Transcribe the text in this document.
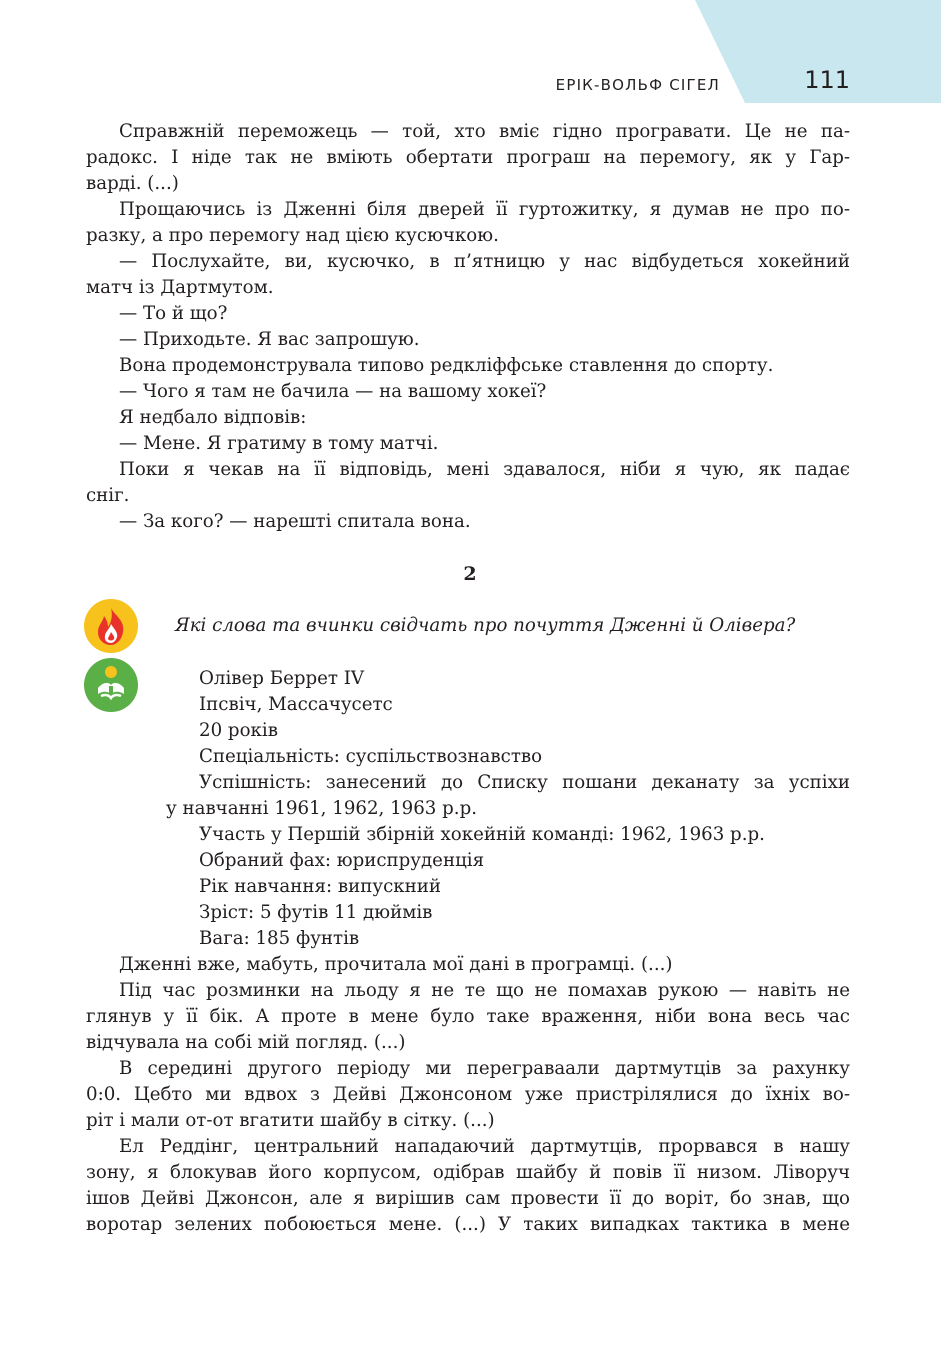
ЕРІК-ВОЛЬФ СІГЕЛ	111
Справжній переможець — той, хто вміє гідно програвати. Це не па-
радокс. І ніде так не вміють обертати програш на перемогу, як у Гар-
варді. (...)
Прощаючись із Дженні біля дверей її гуртожитку, я думав не про по-
разку, а про перемогу над цією кусючкою.
— Послухайте, ви, кусючко, в п’ятницю у нас відбудеться хокейний
матч із Дартмутом.
— То й що?
— Приходьте. Я вас запрошую.
Вона продемонструвала типово редкліффське ставлення до спорту.
— Чого я там не бачила — на вашому хокеї?
Я недбало відповів:
— Мене. Я гратиму в тому матчі.
Поки я чекав на її відповідь, мені здавалося, ніби я чую, як падає
сніг.
— За кого? — нарешті спитала вона.
2
Які слова та вчинки свідчать про почуття Дженні й Олівера?
Олівер Беррет IV
Іпсвіч, Массачусетс
20 років
Спеціальність: суспільствознавство
Успішність: занесений до Списку пошани деканату за успіхи
у навчанні 1961, 1962, 1963 р.р.
Участь у Першій збірній хокейній команді: 1962, 1963 р.р.
Обраний фах: юриспруденція
Рік навчання: випускний
Зріст: 5 футів 11 дюймів
Вага: 185 фунтів
Дженні вже, мабуть, прочитала мої дані в програмці. (...)
Під час розминки на льоду я не те що не помахав рукою — навіть не
глянув у її бік. А проте в мене було таке враження, ніби вона весь час
відчувала на собі мій погляд. (...)
В середині другого періоду ми переграваали дартмутців за рахунку
0:0. Цебто ми вдвох з Дейві Джонсоном уже пристрілялися до їхніх во-
ріт і мали от-от вгатити шайбу в сітку. (...)
Ел Реддінг, центральний нападаючий дартмутців, прорвався в нашу
зону, я блокував його корпусом, одібрав шайбу й повів її низом. Ліворуч
ішов Дейві Джонсон, але я вирішив сам провести її до воріт, бо знав, що
воротар зелених побоюється мене. (...) У таких випадках тактика в мене
